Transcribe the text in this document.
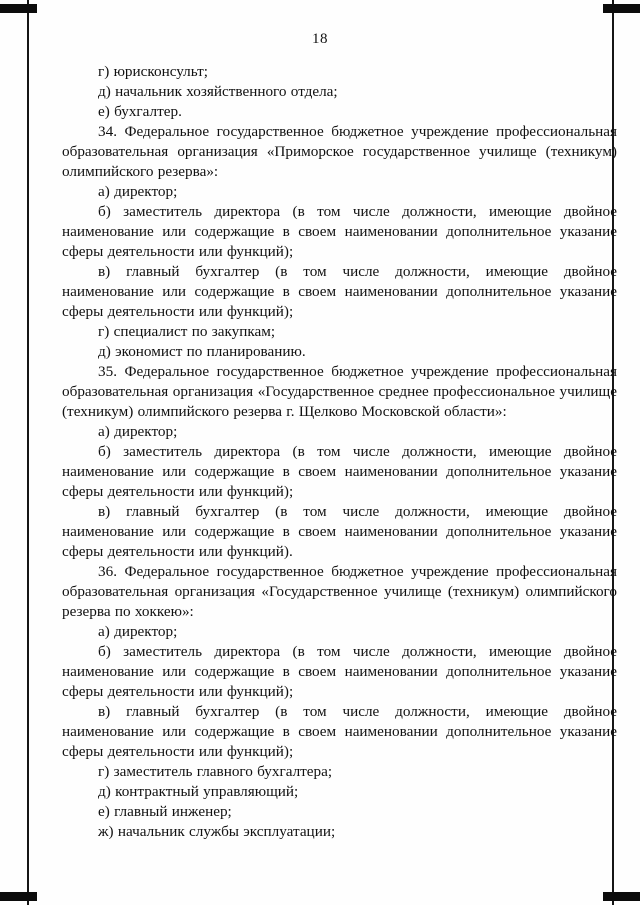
18

г) юрисконсульт;

д) начальник хозяйственного отдела;

е) бухгалтер.

34. Федеральное государственное бюджетное учреждение профессиональная образовательная организация «Приморское государственное училище (техникум) олимпийского резерва»:

а) директор;

б) заместитель директора (в том числе должности, имеющие двойное наименование или содержащие в своем наименовании дополнительное указание сферы деятельности или функций);

в) главный бухгалтер (в том числе должности, имеющие двойное наименование или содержащие в своем наименовании дополнительное указание сферы деятельности или функций);

г) специалист по закупкам;

д) экономист по планированию.

35. Федеральное государственное бюджетное учреждение профессиональная образовательная организация «Государственное среднее профессиональное училище (техникум) олимпийского резерва г. Щелково Московской области»:

а) директор;

б) заместитель директора (в том числе должности, имеющие двойное наименование или содержащие в своем наименовании дополнительное указание сферы деятельности или функций);

в) главный бухгалтер (в том числе должности, имеющие двойное наименование или содержащие в своем наименовании дополнительное указание сферы деятельности или функций).

36. Федеральное государственное бюджетное учреждение профессиональная образовательная организация «Государственное училище (техникум) олимпийского резерва по хоккею»:

а) директор;

б) заместитель директора (в том числе должности, имеющие двойное наименование или содержащие в своем наименовании дополнительное указание сферы деятельности или функций);

в) главный бухгалтер (в том числе должности, имеющие двойное наименование или содержащие в своем наименовании дополнительное указание сферы деятельности или функций);

г) заместитель главного бухгалтера;

д) контрактный управляющий;

е) главный инженер;

ж) начальник службы эксплуатации;
